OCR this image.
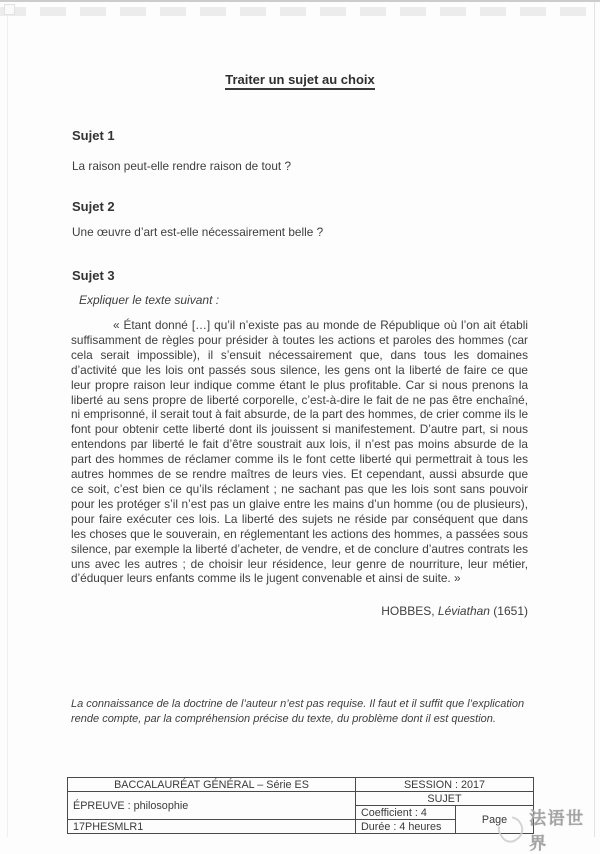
Traiter un sujet au choix
Sujet 1
La raison peut-elle rendre raison de tout ?
Sujet 2
Une œuvre d’art est-elle nécessairement belle ?
Sujet 3
Expliquer le texte suivant :
« Étant donné […] qu’il n’existe pas au monde de République où l’on ait établi suffisamment de règles pour présider à toutes les actions et paroles des hommes (car cela serait impossible), il s’ensuit nécessairement que, dans tous les domaines d’activité que les lois ont passés sous silence, les gens ont la liberté de faire ce que leur propre raison leur indique comme étant le plus profitable. Car si nous prenons la liberté au sens propre de liberté corporelle, c’est-à-dire le fait de ne pas être enchaîné, ni emprisonné, il serait tout à fait absurde, de la part des hommes, de crier comme ils le font pour obtenir cette liberté dont ils jouissent si manifestement. D’autre part, si nous entendons par liberté le fait d’être soustrait aux lois, il n’est pas moins absurde de la part des hommes de réclamer comme ils le font cette liberté qui permettrait à tous les autres hommes de se rendre maîtres de leurs vies. Et cependant, aussi absurde que ce soit, c’est bien ce qu’ils réclament ; ne sachant pas que les lois sont sans pouvoir pour les protéger s’il n’est pas un glaive entre les mains d’un homme (ou de plusieurs), pour faire exécuter ces lois. La liberté des sujets ne réside par conséquent que dans les choses que le souverain, en réglementant les actions des hommes, a passées sous silence, par exemple la liberté d’acheter, de vendre, et de conclure d’autres contrats les uns avec les autres ; de choisir leur résidence, leur genre de nourriture, leur métier, d’éduquer leurs enfants comme ils le jugent convenable et ainsi de suite. »
HOBBES, Léviathan (1651)
La connaissance de la doctrine de l’auteur n’est pas requise. Il faut et il suffit que l’explication rende compte, par la compréhension précise du texte, du problème dont il est question.
BACCALAURÉAT GÉNÉRAL – Série ES	SESSION : 2017	
ÉPREUVE : philosophie	SUJET	
	Coefficient : 4	Page
17PHESMLR1	Durée : 4 heures		法语世界
